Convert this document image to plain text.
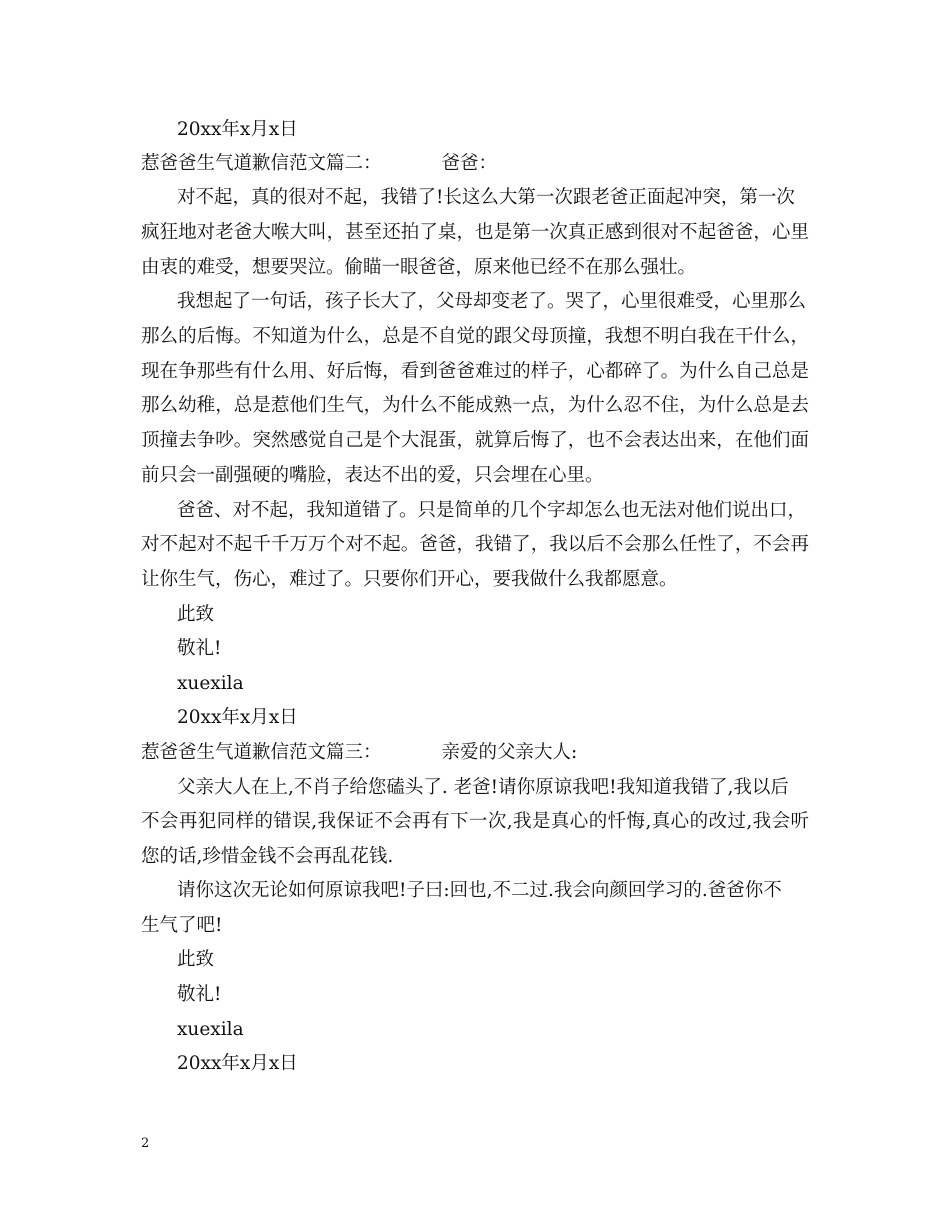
20xx年x月x日
惹爸爸生气道歉信范文篇二：	爸爸：
对不起，真的很对不起，我错了!长这么大第一次跟老爸正面起冲突，第一次
疯狂地对老爸大喉大叫，甚至还拍了桌，也是第一次真正感到很对不起爸爸，心里
由衷的难受，想要哭泣。偷瞄一眼爸爸，原来他已经不在那么强壮。
我想起了一句话，孩子长大了，父母却变老了。哭了，心里很难受，心里那么
那么的后悔。不知道为什么，总是不自觉的跟父母顶撞，我想不明白我在干什么，
现在争那些有什么用、好后悔，看到爸爸难过的样子，心都碎了。为什么自己总是
那么幼稚，总是惹他们生气，为什么不能成熟一点，为什么忍不住，为什么总是去
顶撞去争吵。突然感觉自己是个大混蛋，就算后悔了，也不会表达出来，在他们面
前只会一副强硬的嘴脸，表达不出的爱，只会埋在心里。
爸爸、对不起，我知道错了。只是简单的几个字却怎么也无法对他们说出口，
对不起对不起千千万万个对不起。爸爸，我错了，我以后不会那么任性了，不会再
让你生气，伤心，难过了。只要你们开心，要我做什么我都愿意。
此致
敬礼!
xuexila
20xx年x月x日
惹爸爸生气道歉信范文篇三：	亲爱的父亲大人:
父亲大人在上,不肖子给您磕头了. 老爸!请你原谅我吧!我知道我错了,我以后
不会再犯同样的错误,我保证不会再有下一次,我是真心的忏悔,真心的改过,我会听
您的话,珍惜金钱不会再乱花钱.
请你这次无论如何原谅我吧!子曰:回也,不二过.我会向颜回学习的.爸爸你不
生气了吧!
此致
敬礼!
xuexila
20xx年x月x日
2
